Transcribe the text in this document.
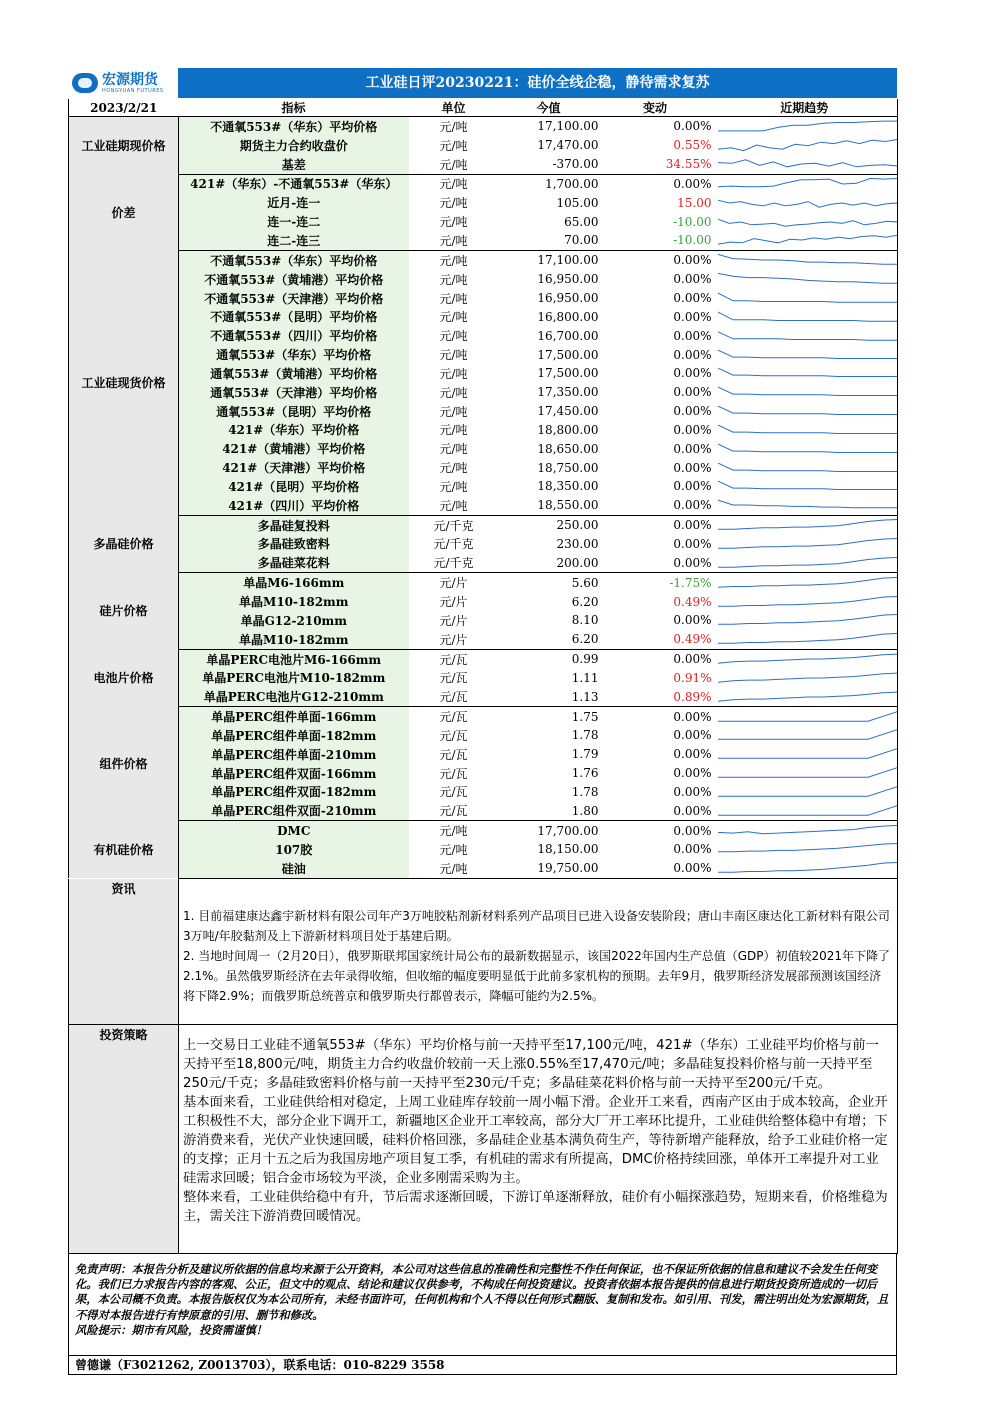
宏源期货
HONGYUAN FUTURES	工业硅日评20230221：硅价全线企稳，静待需求复苏
2023/2/21	指标	单位	今值	变动	近期趋势
工业硅期现价格	不通氧553#（华东）平均价格	元/吨	17,100.00	0.00%	

	期货主力合约收盘价	元/吨	17,470.00	0.55%	

	基差	元/吨	-370.00	34.55%	

价差	421#（华东）-不通氧553#（华东）	元/吨	1,700.00	0.00%	

	近月-连一	元/吨	105.00	15.00	

	连一-连二	元/吨	65.00	-10.00	

	连二-连三	元/吨	70.00	-10.00	

工业硅现货价格	不通氧553#（华东）平均价格	元/吨	17,100.00	0.00%	

	不通氧553#（黄埔港）平均价格	元/吨	16,950.00	0.00%	

	不通氧553#（天津港）平均价格	元/吨	16,950.00	0.00%	

	不通氧553#（昆明）平均价格	元/吨	16,800.00	0.00%	

	不通氧553#（四川）平均价格	元/吨	16,700.00	0.00%	

	通氧553#（华东）平均价格	元/吨	17,500.00	0.00%	

	通氧553#（黄埔港）平均价格	元/吨	17,500.00	0.00%	

	通氧553#（天津港）平均价格	元/吨	17,350.00	0.00%	

	通氧553#（昆明）平均价格	元/吨	17,450.00	0.00%	

	421#（华东）平均价格	元/吨	18,800.00	0.00%	

	421#（黄埔港）平均价格	元/吨	18,650.00	0.00%	

	421#（天津港）平均价格	元/吨	18,750.00	0.00%	

	421#（昆明）平均价格	元/吨	18,350.00	0.00%	

	421#（四川）平均价格	元/吨	18,550.00	0.00%	

多晶硅价格	多晶硅复投料	元/千克	250.00	0.00%	

	多晶硅致密料	元/千克	230.00	0.00%	

	多晶硅菜花料	元/千克	200.00	0.00%	

硅片价格	单晶M6-166mm	元/片	5.60	-1.75%	

	单晶M10-182mm	元/片	6.20	0.49%	

	单晶G12-210mm	元/片	8.10	0.00%	

	单晶M10-182mm	元/片	6.20	0.49%	

电池片价格	单晶PERC电池片M6-166mm	元/瓦	0.99	0.00%	

	单晶PERC电池片M10-182mm	元/瓦	1.11	0.91%	

	单晶PERC电池片G12-210mm	元/瓦	1.13	0.89%	

组件价格	单晶PERC组件单面-166mm	元/瓦	1.75	0.00%	

	单晶PERC组件单面-182mm	元/瓦	1.78	0.00%	

	单晶PERC组件单面-210mm	元/瓦	1.79	0.00%	

	单晶PERC组件双面-166mm	元/瓦	1.76	0.00%	

	单晶PERC组件双面-182mm	元/瓦	1.78	0.00%	

	单晶PERC组件双面-210mm	元/瓦	1.80	0.00%	

有机硅价格	DMC	元/吨	17,700.00	0.00%	

	107胶	元/吨	18,150.00	0.00%	

	硅油	元/吨	19,750.00	0.00%	
资讯	

1. 目前福建康达鑫宇新材料有限公司年产3万吨胶粘剂新材料系列产品项目已进入设备安装阶段；唐山丰南区康达化工新材料有限公司3万吨/年胶黏剂及上下游新材料项目处于基建后期。

2. 当地时间周一（2月20日），俄罗斯联邦国家统计局公布的最新数据显示，该国2022年国内生产总值（GDP）初值较2021年下降了2.1%。虽然俄罗斯经济在去年录得收缩，但收缩的幅度要明显低于此前多家机构的预期。去年9月，俄罗斯经济发展部预测该国经济将下降2.9%；而俄罗斯总统普京和俄罗斯央行都曾表示，降幅可能约为2.5%。

投资策略	

上一交易日工业硅不通氧553#（华东）平均价格与前一天持平至17,100元/吨，421#（华东）工业硅平均价格与前一天持平至18,800元/吨，期货主力合约收盘价较前一天上涨0.55%至17,470元/吨；多晶硅复投料价格与前一天持平至250元/千克；多晶硅致密料价格与前一天持平至230元/千克；多晶硅菜花料价格与前一天持平至200元/千克。

基本面来看，工业硅供给相对稳定，上周工业硅库存较前一周小幅下滑。企业开工来看，西南产区由于成本较高，企业开工积极性不大，部分企业下调开工，新疆地区企业开工率较高，部分大厂开工率环比提升，工业硅供给整体稳中有增；下游消费来看，光伏产业快速回暖，硅料价格回涨，多晶硅企业基本满负荷生产，等待新增产能释放，给予工业硅价格一定的支撑；正月十五之后为我国房地产项目复工季，有机硅的需求有所提高，DMC价格持续回涨，单体开工率提升对工业硅需求回暖；铝合金市场较为平淡，企业多刚需采购为主。

整体来看，工业硅供给稳中有升，节后需求逐渐回暖，下游订单逐渐释放，硅价有小幅探涨趋势，短期来看，价格维稳为主，需关注下游消费回暖情况。

免责声明：本报告分析及建议所依据的信息均来源于公开资料，本公司对这些信息的准确性和完整性不作任何保证，也不保证所依据的信息和建议不会发生任何变化。我们已力求报告内容的客观、公正，但文中的观点、结论和建议仅供参考，不构成任何投资建议。投资者依据本报告提供的信息进行期货投资所造成的一切后果，本公司概不负责。本报告版权仅为本公司所有，未经书面许可，任何机构和个人不得以任何形式翻版、复制和发布。如引用、刊发，需注明出处为宏源期货，且不得对本报告进行有悖原意的引用、删节和修改。

风险提示：期市有风险，投资需谨慎！

曾德谦（F3021262, Z0013703），联系电话：010-8229 3558
